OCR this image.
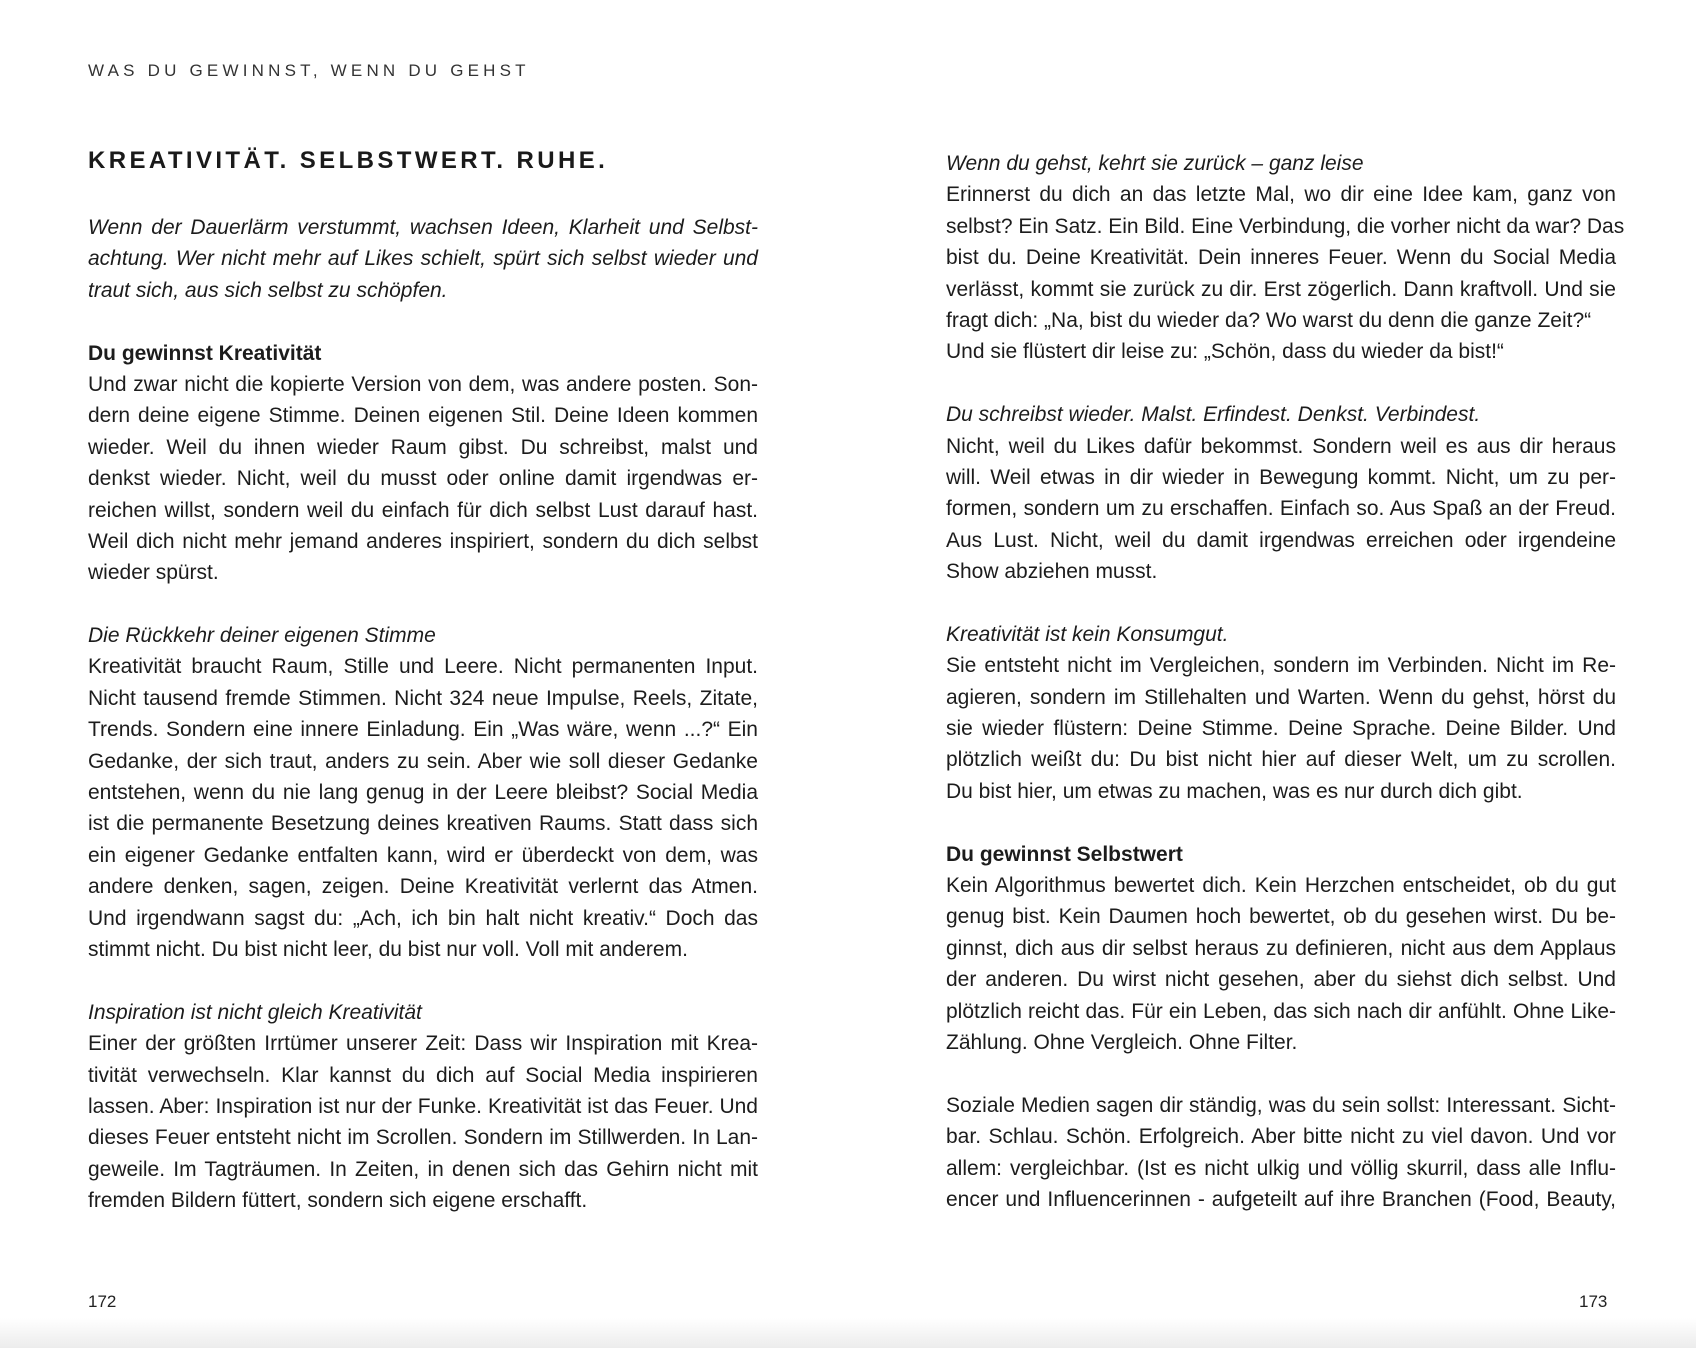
WAS DU GEWINNST, WENN DU GEHST
KREATIVITÄT. SELBSTWERT. RUHE.
Wenn der Dauerlärm verstummt, wachsen Ideen, Klarheit und Selbst-
achtung. Wer nicht mehr auf Likes schielt, spürt sich selbst wieder und
traut sich, aus sich selbst zu schöpfen.
Du gewinnst Kreativität
Und zwar nicht die kopierte Version von dem, was andere posten. Son-
dern deine eigene Stimme. Deinen eigenen Stil. Deine Ideen kommen
wieder. Weil du ihnen wieder Raum gibst. Du schreibst, malst und
denkst wieder. Nicht, weil du musst oder online damit irgendwas er-
reichen willst, sondern weil du einfach für dich selbst Lust darauf hast.
Weil dich nicht mehr jemand anderes inspiriert, sondern du dich selbst
wieder spürst.
Die Rückkehr deiner eigenen Stimme
Kreativität braucht Raum, Stille und Leere. Nicht permanenten Input.
Nicht tausend fremde Stimmen. Nicht 324 neue Impulse, Reels, Zitate,
Trends. Sondern eine innere Einladung. Ein „Was wäre, wenn ...?“ Ein
Gedanke, der sich traut, anders zu sein. Aber wie soll dieser Gedanke
entstehen, wenn du nie lang genug in der Leere bleibst? Social Media
ist die permanente Besetzung deines kreativen Raums. Statt dass sich
ein eigener Gedanke entfalten kann, wird er überdeckt von dem, was
andere denken, sagen, zeigen. Deine Kreativität verlernt das Atmen.
Und irgendwann sagst du: „Ach, ich bin halt nicht kreativ.“ Doch das
stimmt nicht. Du bist nicht leer, du bist nur voll. Voll mit anderem.
Inspiration ist nicht gleich Kreativität
Einer der größten Irrtümer unserer Zeit: Dass wir Inspiration mit Krea-
tivität verwechseln. Klar kannst du dich auf Social Media inspirieren
lassen. Aber: Inspiration ist nur der Funke. Kreativität ist das Feuer. Und
dieses Feuer entsteht nicht im Scrollen. Sondern im Stillwerden. In Lan-
geweile. Im Tagträumen. In Zeiten, in denen sich das Gehirn nicht mit
fremden Bildern füttert, sondern sich eigene erschafft.
Wenn du gehst, kehrt sie zurück – ganz leise
Erinnerst du dich an das letzte Mal, wo dir eine Idee kam, ganz von
selbst? Ein Satz. Ein Bild. Eine Verbindung, die vorher nicht da war? Das
bist du. Deine Kreativität. Dein inneres Feuer. Wenn du Social Media
verlässt, kommt sie zurück zu dir. Erst zögerlich. Dann kraftvoll. Und sie
fragt dich: „Na, bist du wieder da? Wo warst du denn die ganze Zeit?“
Und sie flüstert dir leise zu: „Schön, dass du wieder da bist!“
Du schreibst wieder. Malst. Erfindest. Denkst. Verbindest.
Nicht, weil du Likes dafür bekommst. Sondern weil es aus dir heraus
will. Weil etwas in dir wieder in Bewegung kommt. Nicht, um zu per-
formen, sondern um zu erschaffen. Einfach so. Aus Spaß an der Freud.
Aus Lust. Nicht, weil du damit irgendwas erreichen oder irgendeine
Show abziehen musst.
Kreativität ist kein Konsumgut.
Sie entsteht nicht im Vergleichen, sondern im Verbinden. Nicht im Re-
agieren, sondern im Stillehalten und Warten. Wenn du gehst, hörst du
sie wieder flüstern: Deine Stimme. Deine Sprache. Deine Bilder. Und
plötzlich weißt du: Du bist nicht hier auf dieser Welt, um zu scrollen.
Du bist hier, um etwas zu machen, was es nur durch dich gibt.
Du gewinnst Selbstwert
Kein Algorithmus bewertet dich. Kein Herzchen entscheidet, ob du gut
genug bist. Kein Daumen hoch bewertet, ob du gesehen wirst. Du be-
ginnst, dich aus dir selbst heraus zu definieren, nicht aus dem Applaus
der anderen. Du wirst nicht gesehen, aber du siehst dich selbst. Und
plötzlich reicht das. Für ein Leben, das sich nach dir anfühlt. Ohne Like-
Zählung. Ohne Vergleich. Ohne Filter.
Soziale Medien sagen dir ständig, was du sein sollst: Interessant. Sicht-
bar. Schlau. Schön. Erfolgreich. Aber bitte nicht zu viel davon. Und vor
allem: vergleichbar. (Ist es nicht ulkig und völlig skurril, dass alle Influ-
encer und Influencerinnen - aufgeteilt auf ihre Branchen (Food, Beauty,
172	173
